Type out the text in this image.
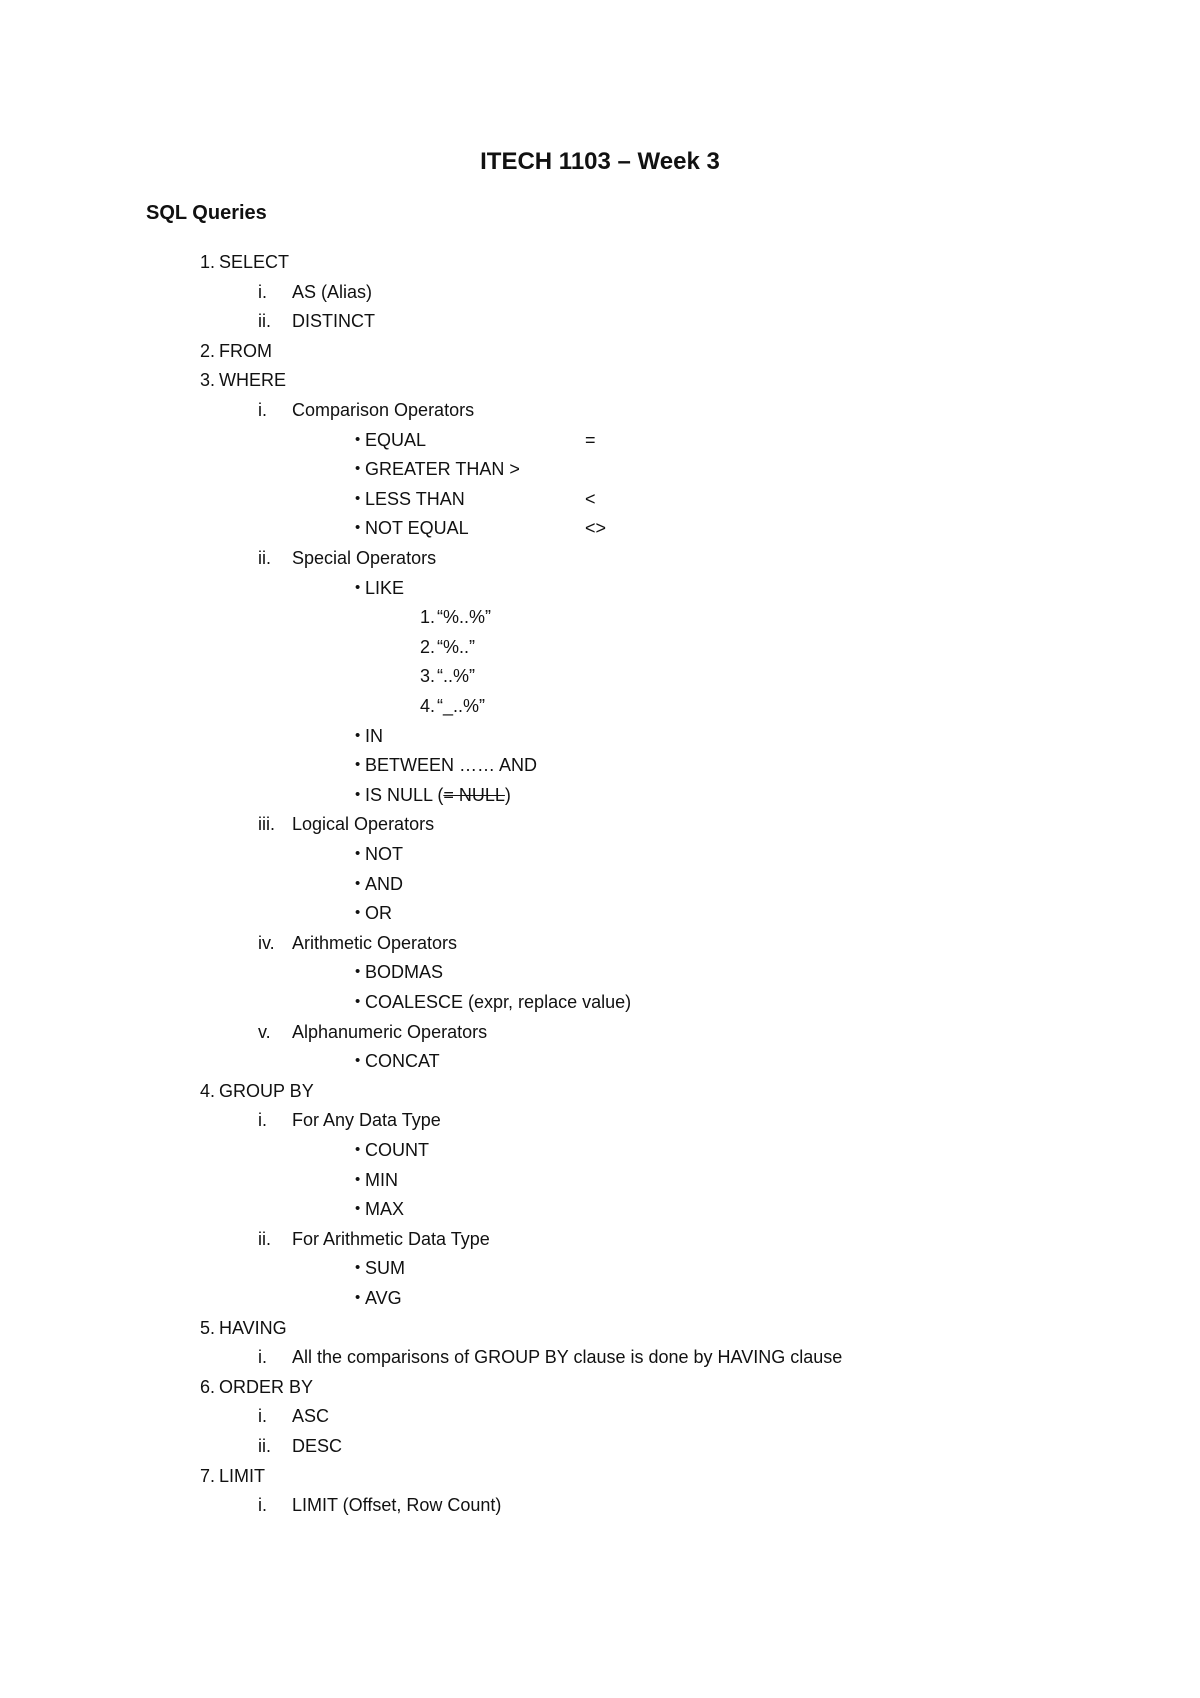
ITECH 1103 – Week 3
SQL Queries
1. SELECT
i. AS (Alias)
ii. DISTINCT
2. FROM
3. WHERE
i. Comparison Operators
• EQUAL	=
• GREATER THAN >
• LESS THAN	<
• NOT EQUAL	<>
ii. Special Operators
• LIKE
1. “%..%”
2. “%..”
3. “..%”
4. “_..%”
• IN
• BETWEEN …… AND
• IS NULL (= NULL)
iii. Logical Operators
• NOT
• AND
• OR
iv. Arithmetic Operators
• BODMAS
• COALESCE (expr, replace value)
v. Alphanumeric Operators
• CONCAT
4. GROUP BY
i. For Any Data Type
• COUNT
• MIN
• MAX
ii. For Arithmetic Data Type
• SUM
• AVG
5. HAVING
i. All the comparisons of GROUP BY clause is done by HAVING clause
6. ORDER BY
i. ASC
ii. DESC
7. LIMIT
i. LIMIT (Offset, Row Count)
